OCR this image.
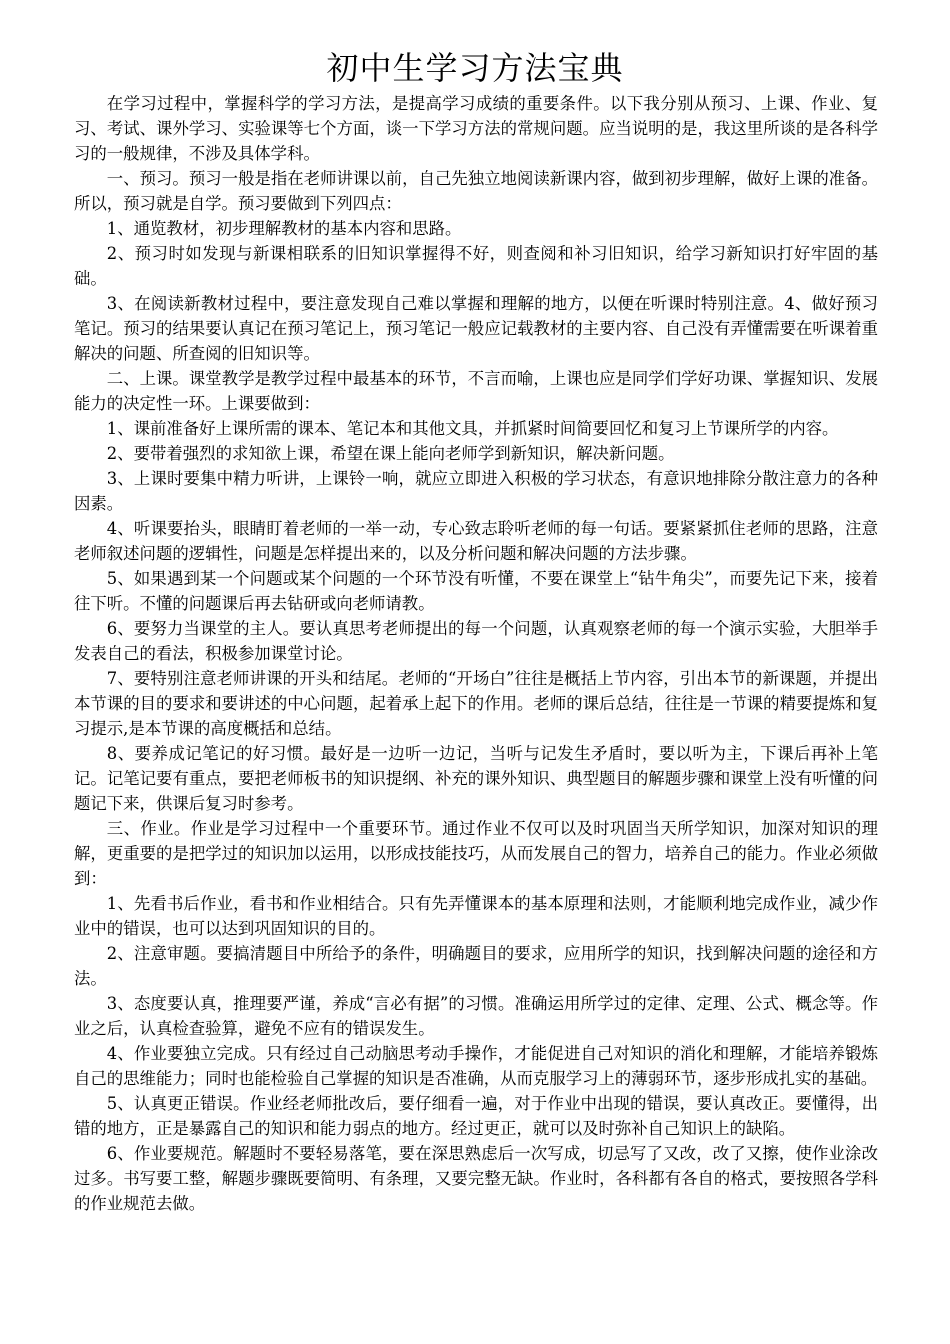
初中生学习方法宝典

在学习过程中，掌握科学的学习方法，是提高学习成绩的重要条件。以下我分别从预习、上课、作业、复习、考试、课外学习、实验课等七个方面，谈一下学习方法的常规问题。应当说明的是，我这里所谈的是各科学习的一般规律，不涉及具体学科。

一、预习。预习一般是指在老师讲课以前，自己先独立地阅读新课内容，做到初步理解，做好上课的准备。所以，预习就是自学。预习要做到下列四点：

1、通览教材，初步理解教材的基本内容和思路。

2、预习时如发现与新课相联系的旧知识掌握得不好，则查阅和补习旧知识，给学习新知识打好牢固的基础。

3、在阅读新教材过程中，要注意发现自己难以掌握和理解的地方，以便在听课时特别注意。4、做好预习笔记。预习的结果要认真记在预习笔记上，预习笔记一般应记载教材的主要内容、自己没有弄懂需要在听课着重解决的问题、所查阅的旧知识等。

二、上课。课堂教学是教学过程中最基本的环节，不言而喻，上课也应是同学们学好功课、掌握知识、发展能力的决定性一环。上课要做到：

1、课前准备好上课所需的课本、笔记本和其他文具，并抓紧时间简要回忆和复习上节课所学的内容。

2、要带着强烈的求知欲上课，希望在课上能向老师学到新知识，解决新问题。

3、上课时要集中精力听讲，上课铃一响，就应立即进入积极的学习状态，有意识地排除分散注意力的各种因素。

4、听课要抬头，眼睛盯着老师的一举一动，专心致志聆听老师的每一句话。要紧紧抓住老师的思路，注意老师叙述问题的逻辑性，问题是怎样提出来的，以及分析问题和解决问题的方法步骤。

5、如果遇到某一个问题或某个问题的一个环节没有听懂，不要在课堂上“钻牛角尖”，而要先记下来，接着往下听。不懂的问题课后再去钻研或向老师请教。

6、要努力当课堂的主人。要认真思考老师提出的每一个问题，认真观察老师的每一个演示实验，大胆举手发表自己的看法，积极参加课堂讨论。

7、要特别注意老师讲课的开头和结尾。老师的“开场白”往往是概括上节内容，引出本节的新课题，并提出本节课的目的要求和要讲述的中心问题，起着承上起下的作用。老师的课后总结，往往是一节课的精要提炼和复习提示,是本节课的高度概括和总结。

8、要养成记笔记的好习惯。最好是一边听一边记，当听与记发生矛盾时，要以听为主，下课后再补上笔记。记笔记要有重点，要把老师板书的知识提纲、补充的课外知识、典型题目的解题步骤和课堂上没有听懂的问题记下来，供课后复习时参考。

三、作业。作业是学习过程中一个重要环节。通过作业不仅可以及时巩固当天所学知识，加深对知识的理解，更重要的是把学过的知识加以运用，以形成技能技巧，从而发展自己的智力，培养自己的能力。作业必须做到：

1、先看书后作业，看书和作业相结合。只有先弄懂课本的基本原理和法则，才能顺利地完成作业，减少作业中的错误，也可以达到巩固知识的目的。

2、注意审题。要搞清题目中所给予的条件，明确题目的要求，应用所学的知识，找到解决问题的途径和方法。

3、态度要认真，推理要严谨，养成“言必有据”的习惯。准确运用所学过的定律、定理、公式、概念等。作业之后，认真检查验算，避免不应有的错误发生。

4、作业要独立完成。只有经过自己动脑思考动手操作，才能促进自己对知识的消化和理解，才能培养锻炼自己的思维能力；同时也能检验自己掌握的知识是否准确，从而克服学习上的薄弱环节，逐步形成扎实的基础。

5、认真更正错误。作业经老师批改后，要仔细看一遍，对于作业中出现的错误，要认真改正。要懂得，出错的地方，正是暴露自己的知识和能力弱点的地方。经过更正，就可以及时弥补自己知识上的缺陷。

6、作业要规范。解题时不要轻易落笔，要在深思熟虑后一次写成，切忌写了又改，改了又擦，使作业涂改过多。书写要工整，解题步骤既要简明、有条理，又要完整无缺。作业时，各科都有各自的格式，要按照各学科的作业规范去做。
